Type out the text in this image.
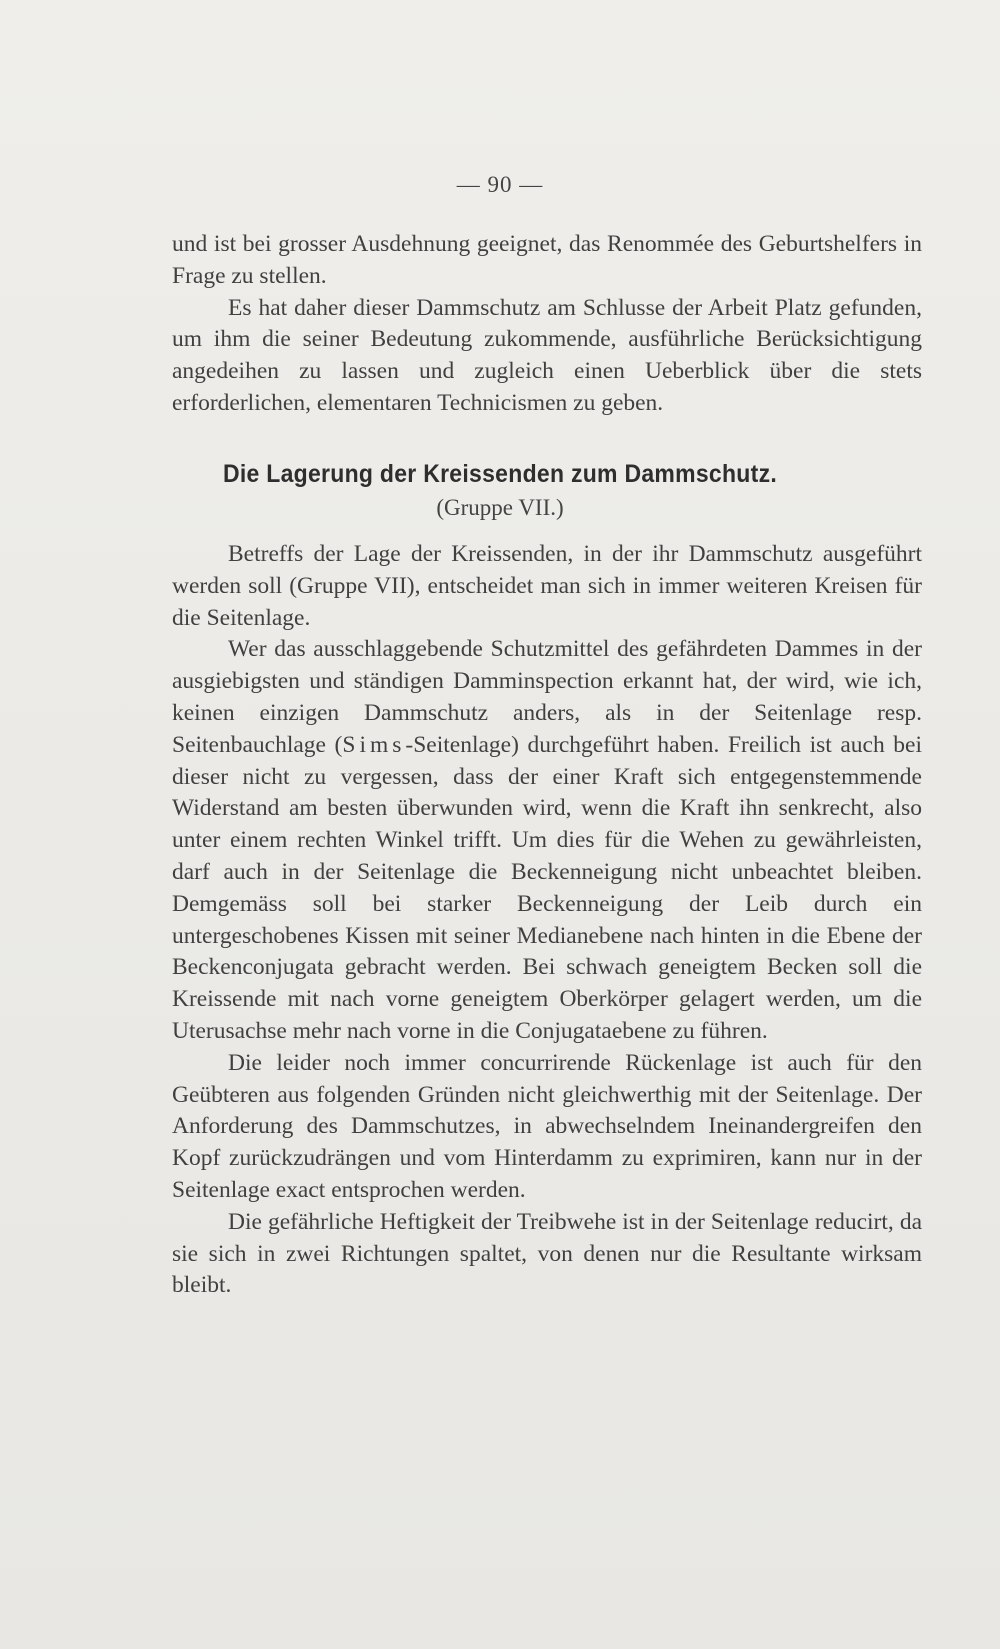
— 90 —

und ist bei grosser Ausdehnung geeignet, das Renommée des Geburtshelfers in Frage zu stellen.

Es hat daher dieser Dammschutz am Schlusse der Arbeit Platz gefunden, um ihm die seiner Bedeutung zukommende, ausführliche Berücksichtigung angedeihen zu lassen und zugleich einen Ueberblick über die stets erforderlichen, elementaren Technicismen zu geben.

Die Lagerung der Kreissenden zum Dammschutz.
(Gruppe VII.)

Betreffs der Lage der Kreissenden, in der ihr Dammschutz ausgeführt werden soll (Gruppe VII), entscheidet man sich in immer weiteren Kreisen für die Seitenlage.

Wer das ausschlaggebende Schutzmittel des gefährdeten Dammes in der ausgiebigsten und ständigen Damminspection erkannt hat, der wird, wie ich, keinen einzigen Dammschutz anders, als in der Seitenlage resp. Seitenbauchlage (Sims-Seitenlage) durchgeführt haben. Freilich ist auch bei dieser nicht zu vergessen, dass der einer Kraft sich entgegenstemmende Widerstand am besten überwunden wird, wenn die Kraft ihn senkrecht, also unter einem rechten Winkel trifft. Um dies für die Wehen zu gewährleisten, darf auch in der Seitenlage die Beckenneigung nicht unbeachtet bleiben. Demgemäss soll bei starker Beckenneigung der Leib durch ein untergeschobenes Kissen mit seiner Medianebene nach hinten in die Ebene der Beckenconjugata gebracht werden. Bei schwach geneigtem Becken soll die Kreissende mit nach vorne geneigtem Oberkörper gelagert werden, um die Uterusachse mehr nach vorne in die Conjugataebene zu führen.

Die leider noch immer concurrirende Rückenlage ist auch für den Geübteren aus folgenden Gründen nicht gleichwerthig mit der Seitenlage. Der Anforderung des Dammschutzes, in abwechselndem Ineinandergreifen den Kopf zurückzudrängen und vom Hinterdamm zu exprimiren, kann nur in der Seitenlage exact entsprochen werden.

Die gefährliche Heftigkeit der Treibwehe ist in der Seitenlage reducirt, da sie sich in zwei Richtungen spaltet, von denen nur die Resultante wirksam bleibt.
